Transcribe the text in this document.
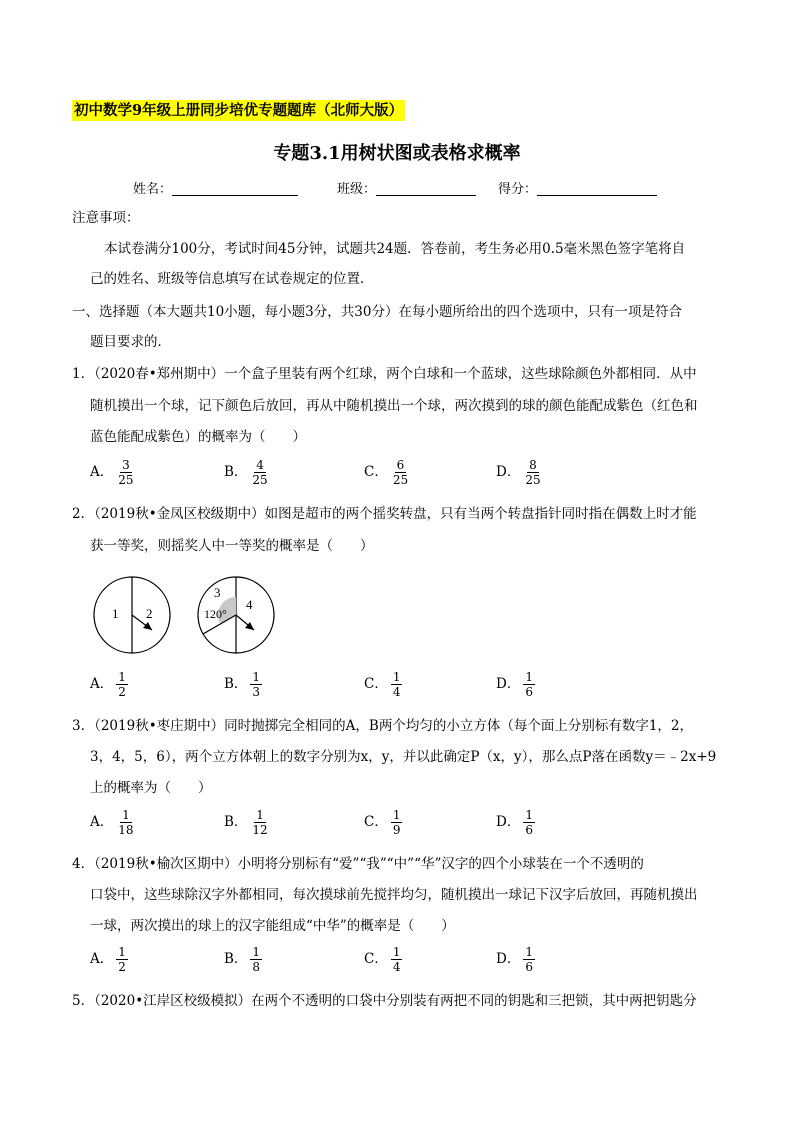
初中数学9年级上册同步培优专题题库（北师大版）
专题3.1用树状图或表格求概率
姓名：	班级：	得分：
注意事项：
本试卷满分100分，考试时间45分钟，试题共24题．答卷前，考生务必用0.5毫米黑色签字笔将自
己的姓名、班级等信息填写在试卷规定的位置．
一、选择题（本大题共10小题，每小题3分，共30分）在每小题所给出的四个选项中，只有一项是符合
题目要求的．
1．（2020春•郑州期中）一个盒子里装有两个红球，两个白球和一个蓝球，这些球除颜色外都相同．从中
随机摸出一个球，记下颜色后放回，再从中随机摸出一个球，两次摸到的球的颜色能配成紫色（红色和
蓝色能配成紫色）的概率为（　　）
A． $\frac{3}{25}$	B． $\frac{4}{25}$	C． $\frac{6}{25}$	D． $\frac{8}{25}$
2．（2019秋•金凤区校级期中）如图是超市的两个摇奖转盘，只有当两个转盘指针同时指在偶数上时才能
获一等奖，则摇奖人中一等奖的概率是（　　）
1 2
3
120°
4
A． $\frac{1}{2}$	B． $\frac{1}{3}$	C． $\frac{1}{4}$	D． $\frac{1}{6}$
3．（2019秋•枣庄期中）同时抛掷完全相同的A，B两个均匀的小立方体（每个面上分别标有数字1，2，
3，4，5，6），两个立方体朝上的数字分别为x，y，并以此确定P（x，y），那么点P落在函数y＝﹣2x+9
上的概率为（　　）
A． $\frac{1}{18}$	B． $\frac{1}{12}$	C． $\frac{1}{9}$	D． $\frac{1}{6}$
4．（2019秋•榆次区期中）小明将分别标有“爱”“我”“中”“华”汉字的四个小球装在一个不透明的
口袋中，这些球除汉字外都相同，每次摸球前先搅拌均匀，随机摸出一球记下汉字后放回，再随机摸出
一球，两次摸出的球上的汉字能组成“中华”的概率是（　　）
A． $\frac{1}{2}$	B． $\frac{1}{8}$	C． $\frac{1}{4}$	D． $\frac{1}{6}$
5．（2020•江岸区校级模拟）在两个不透明的口袋中分别装有两把不同的钥匙和三把锁，其中两把钥匙分
